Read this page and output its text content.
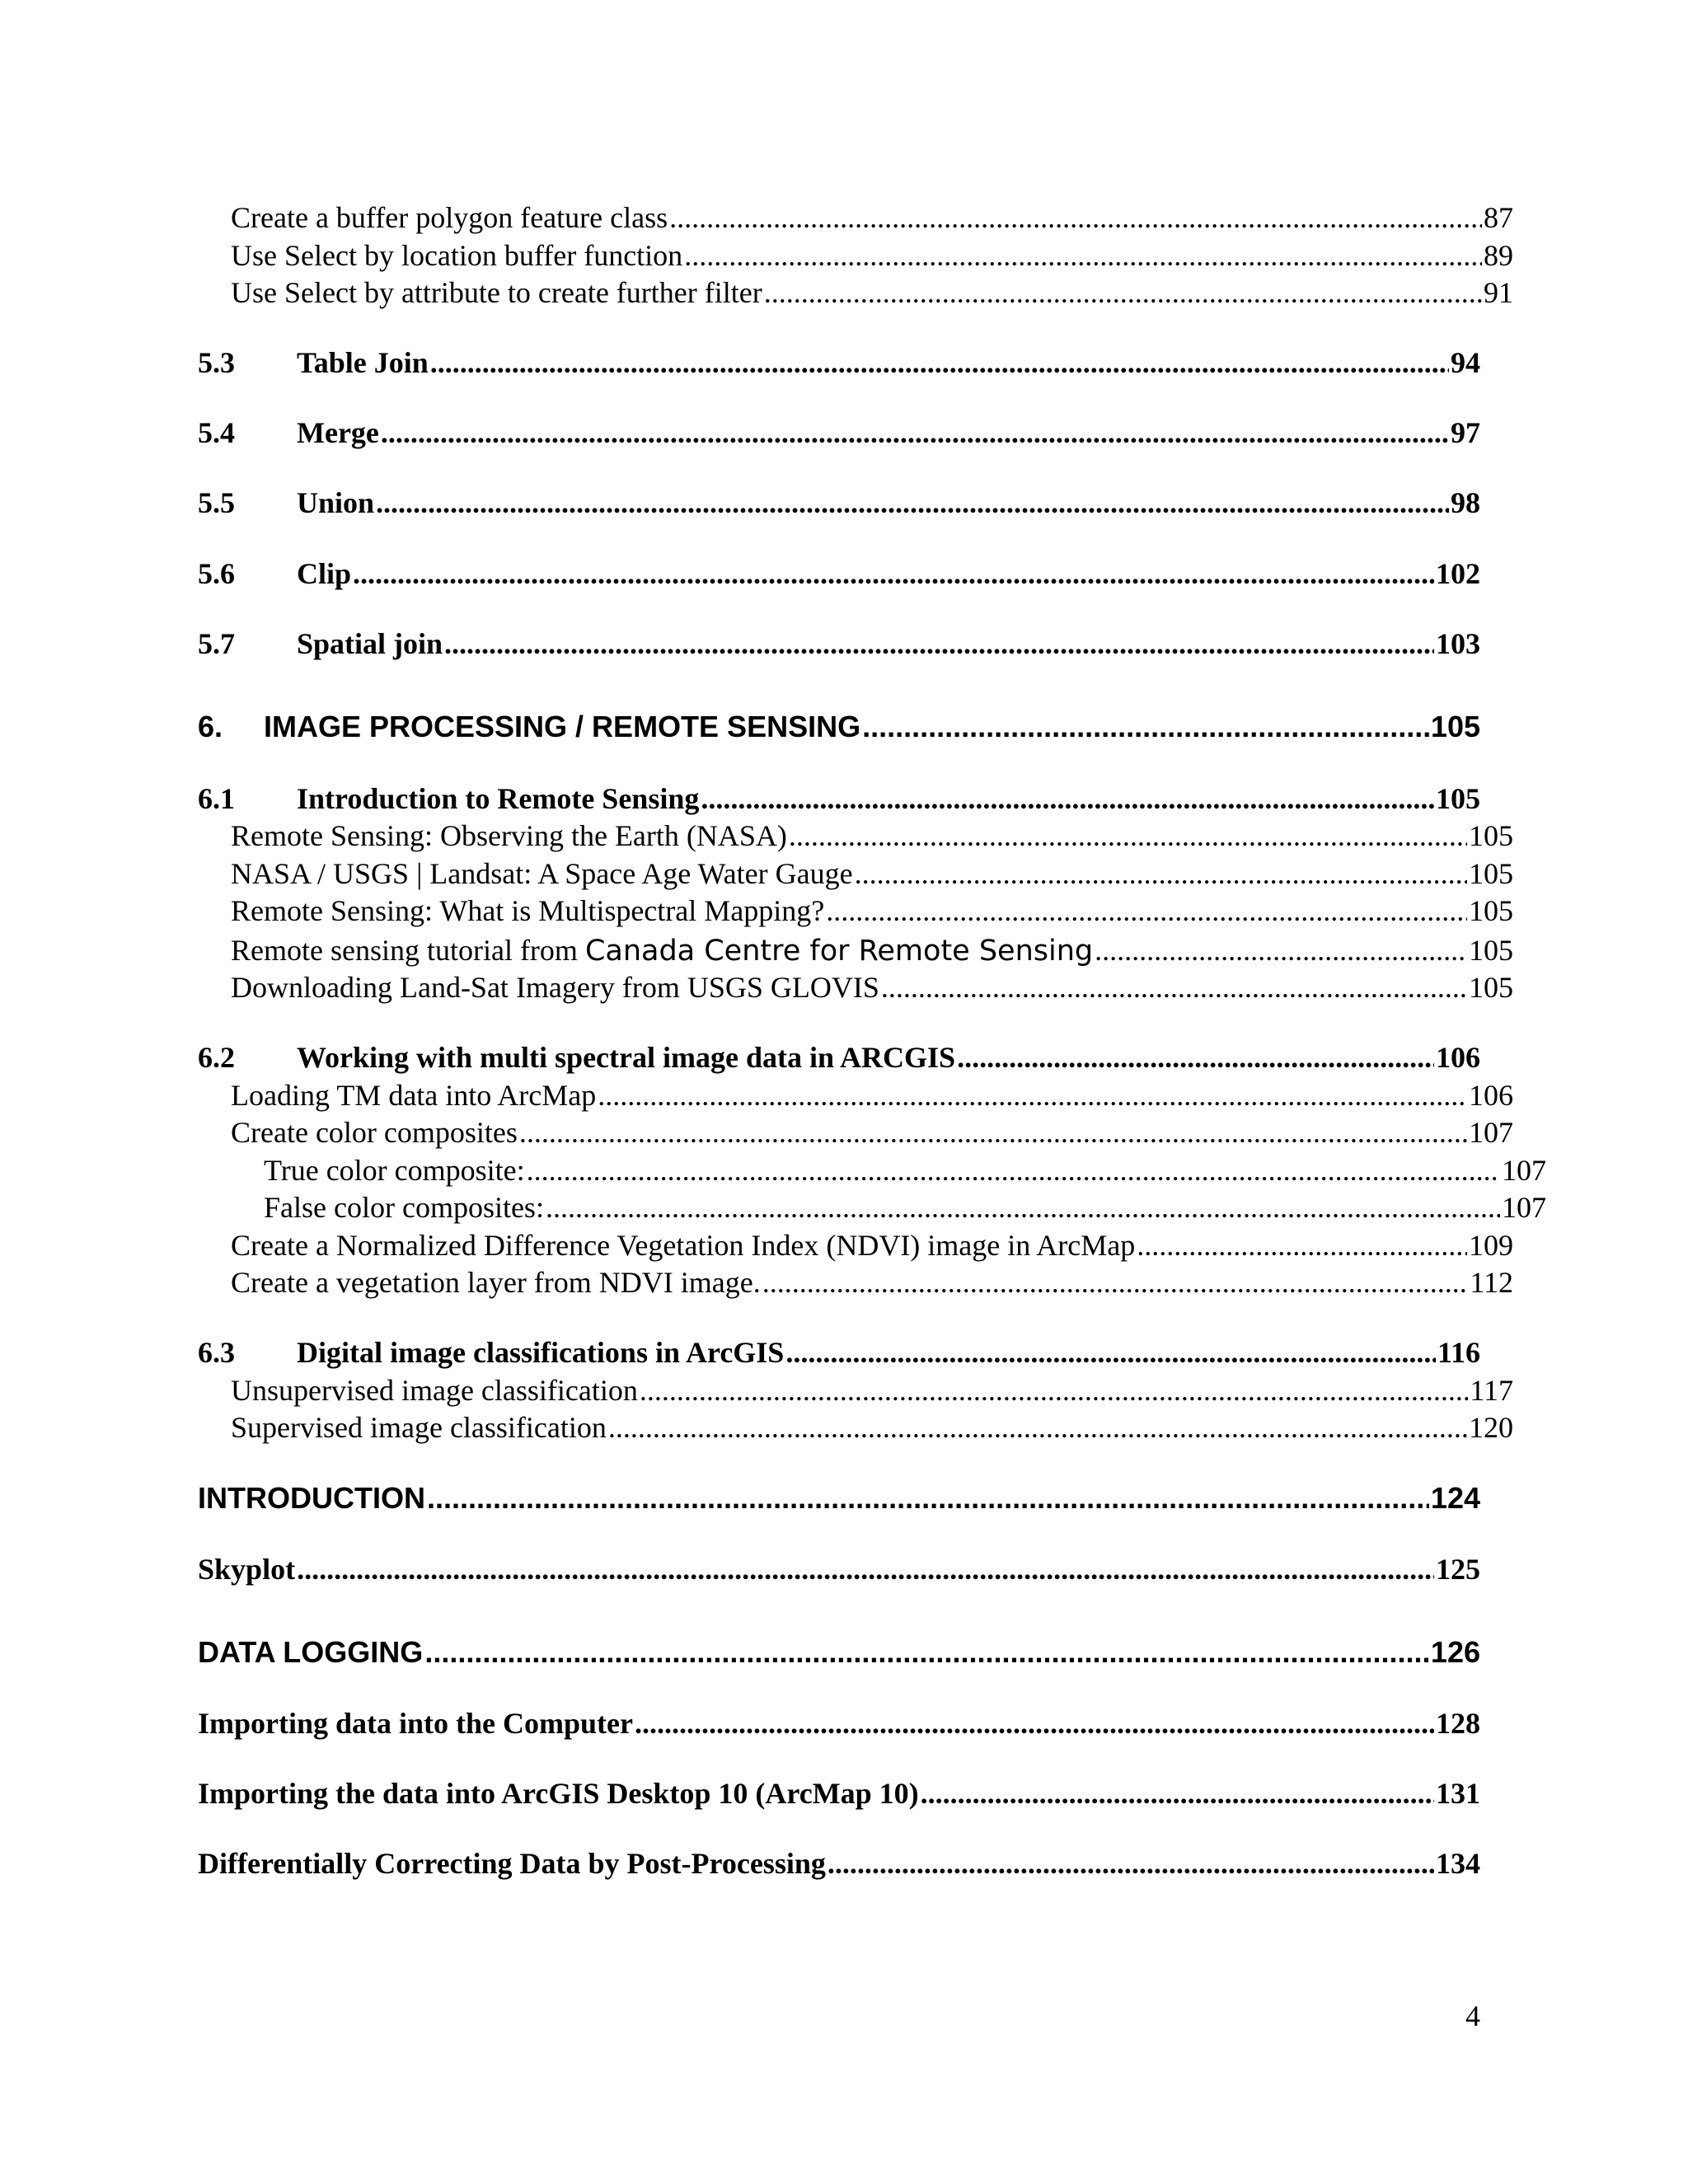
Create a buffer polygon feature class .....	87
Use Select by location buffer function .....	89
Use Select by attribute to create further filter .....	91
5.3	Table Join .....	94
5.4	Merge .....	97
5.5	Union .....	98
5.6	Clip .....	102
5.7	Spatial join .....	103
6.	IMAGE PROCESSING / REMOTE SENSING .....	105
6.1	Introduction to Remote Sensing .....	105
Remote Sensing: Observing the Earth (NASA) .....	105
NASA / USGS | Landsat: A Space Age Water Gauge .....	105
Remote Sensing: What is Multispectral Mapping? .....	105
Remote sensing tutorial from Canada Centre for Remote Sensing .....	105
Downloading Land-Sat Imagery from USGS GLOVIS .....	105
6.2	Working with multi spectral image data in ARCGIS .....	106
Loading TM data into ArcMap .....	106
Create color composites .....	107
True color composite: .....	107
False color composites: .....	107
Create a Normalized Difference Vegetation Index (NDVI) image in ArcMap .....	109
Create a vegetation layer from NDVI image. .....	112
6.3	Digital image classifications in ArcGIS .....	116
Unsupervised image classification .....	117
Supervised image classification .....	120
INTRODUCTION .....	124
Skyplot .....	125
DATA LOGGING .....	126
Importing data into the Computer .....	128
Importing the data into ArcGIS Desktop 10 (ArcMap 10) .....	131
Differentially Correcting Data by Post-Processing .....	134
4
